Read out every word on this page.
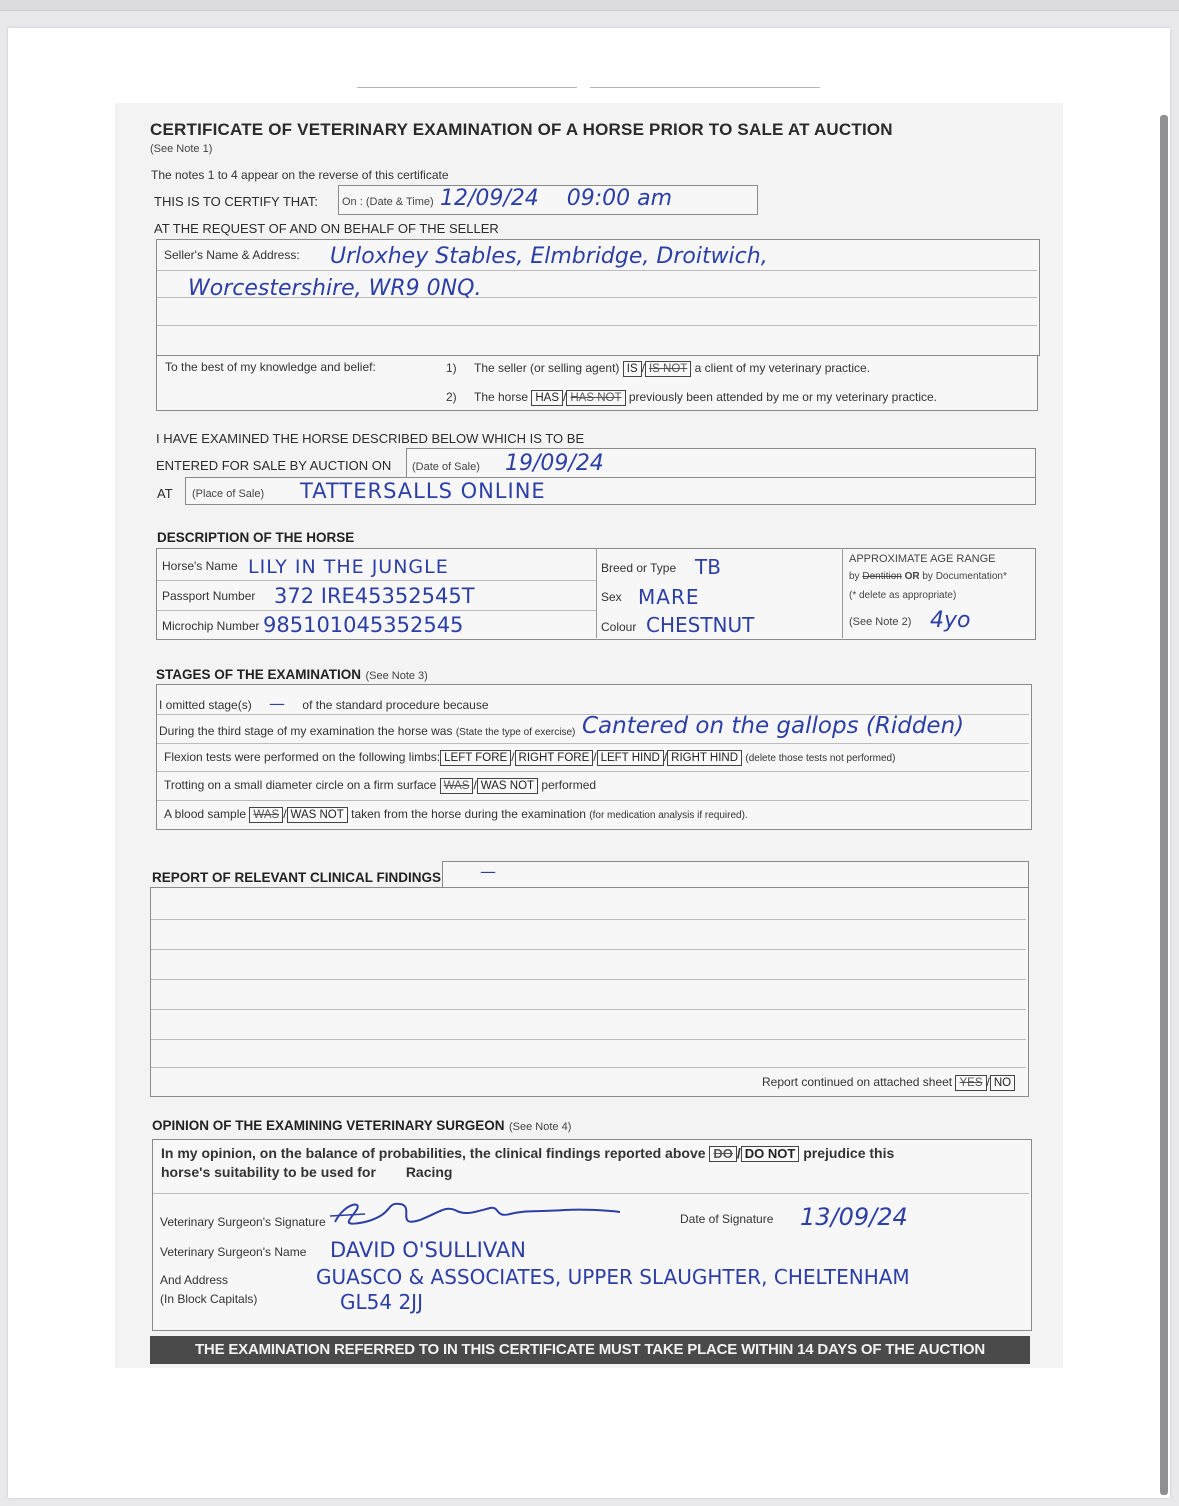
CERTIFICATE OF VETERINARY EXAMINATION OF A HORSE PRIOR TO SALE AT AUCTION
(See Note 1)
The notes 1 to 4 appear on the reverse of this certificate
THIS IS TO CERTIFY THAT: On : (Date & Time) 12/09/24    09:00 am
AT THE REQUEST OF AND ON BEHALF OF THE SELLER
Seller's Name & Address: Urloxhey Stables, Elmbridge, Droitwich,
Worcestershire, WR9 0NQ.
To the best of my knowledge and belief:	1) The seller (or selling agent) IS / IS NOT a client of my veterinary practice.
2) The horse HAS / HAS NOT previously been attended by me or my veterinary practice.
I HAVE EXAMINED THE HORSE DESCRIBED BELOW WHICH IS TO BE
ENTERED FOR SALE BY AUCTION ON (Date of Sale) 19/09/24
AT (Place of Sale) TATTERSALLS ONLINE
DESCRIPTION OF THE HORSE
Horse's Name LILY IN THE JUNGLE
Passport Number 372 IRE45352545T
Microchip Number 985101045352545
Breed or Type TB
Sex MARE
Colour CHESTNUT
APPROXIMATE AGE RANGE
by Dentition OR by Documentation*
(* delete as appropriate)
(See Note 2) 4yo
STAGES OF THE EXAMINATION (See Note 3)
I omitted stage(s) — of the standard procedure because
During the third stage of my examination the horse was (State the type of exercise) Cantered on the gallops (Ridden)
Flexion tests were performed on the following limbs: LEFT FORE / RIGHT FORE / LEFT HIND / RIGHT HIND (delete those tests not performed)
Trotting on a small diameter circle on a firm surface WAS / WAS NOT performed
A blood sample WAS / WAS NOT taken from the horse during the examination (for medication analysis if required).
REPORT OF RELEVANT CLINICAL FINDINGS —
Report continued on attached sheet YES / NO
OPINION OF THE EXAMINING VETERINARY SURGEON (See Note 4)
In my opinion, on the balance of probabilities, the clinical findings reported above DO / DO NOT prejudice this
horse's suitability to be used for Racing
Veterinary Surgeon's Signature	Date of Signature 13/09/24
Veterinary Surgeon's Name DAVID O'SULLIVAN
And Address
(In Block Capitals)
GUASCO & ASSOCIATES, UPPER SLAUGHTER, CHELTENHAM
GL54 2JJ
THE EXAMINATION REFERRED TO IN THIS CERTIFICATE MUST TAKE PLACE WITHIN 14 DAYS OF THE AUCTION
